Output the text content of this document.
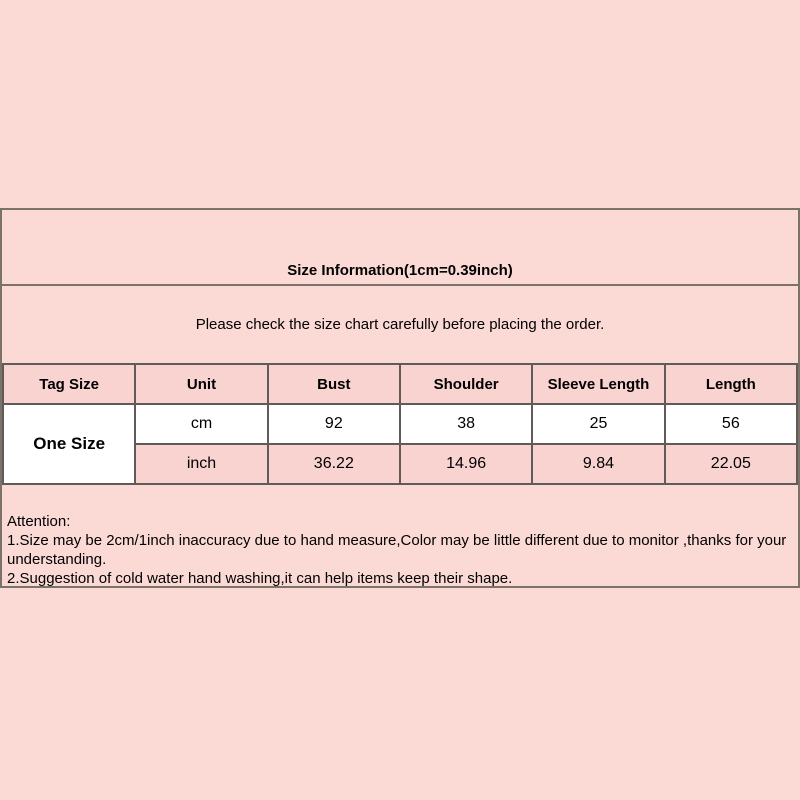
Size Information(1cm=0.39inch)
Please check the size chart carefully before placing the order.
Tag Size	Unit	Bust	Shoulder	Sleeve Length	Length
One Size	cm	92	38	25	56
	inch	36.22	14.96	9.84	22.05
Attention:
1.Size may be 2cm/1inch inaccuracy due to hand measure,Color may be little different due to monitor ,thanks for your understanding.
2.Suggestion of cold water hand washing,it can help items keep their shape.
